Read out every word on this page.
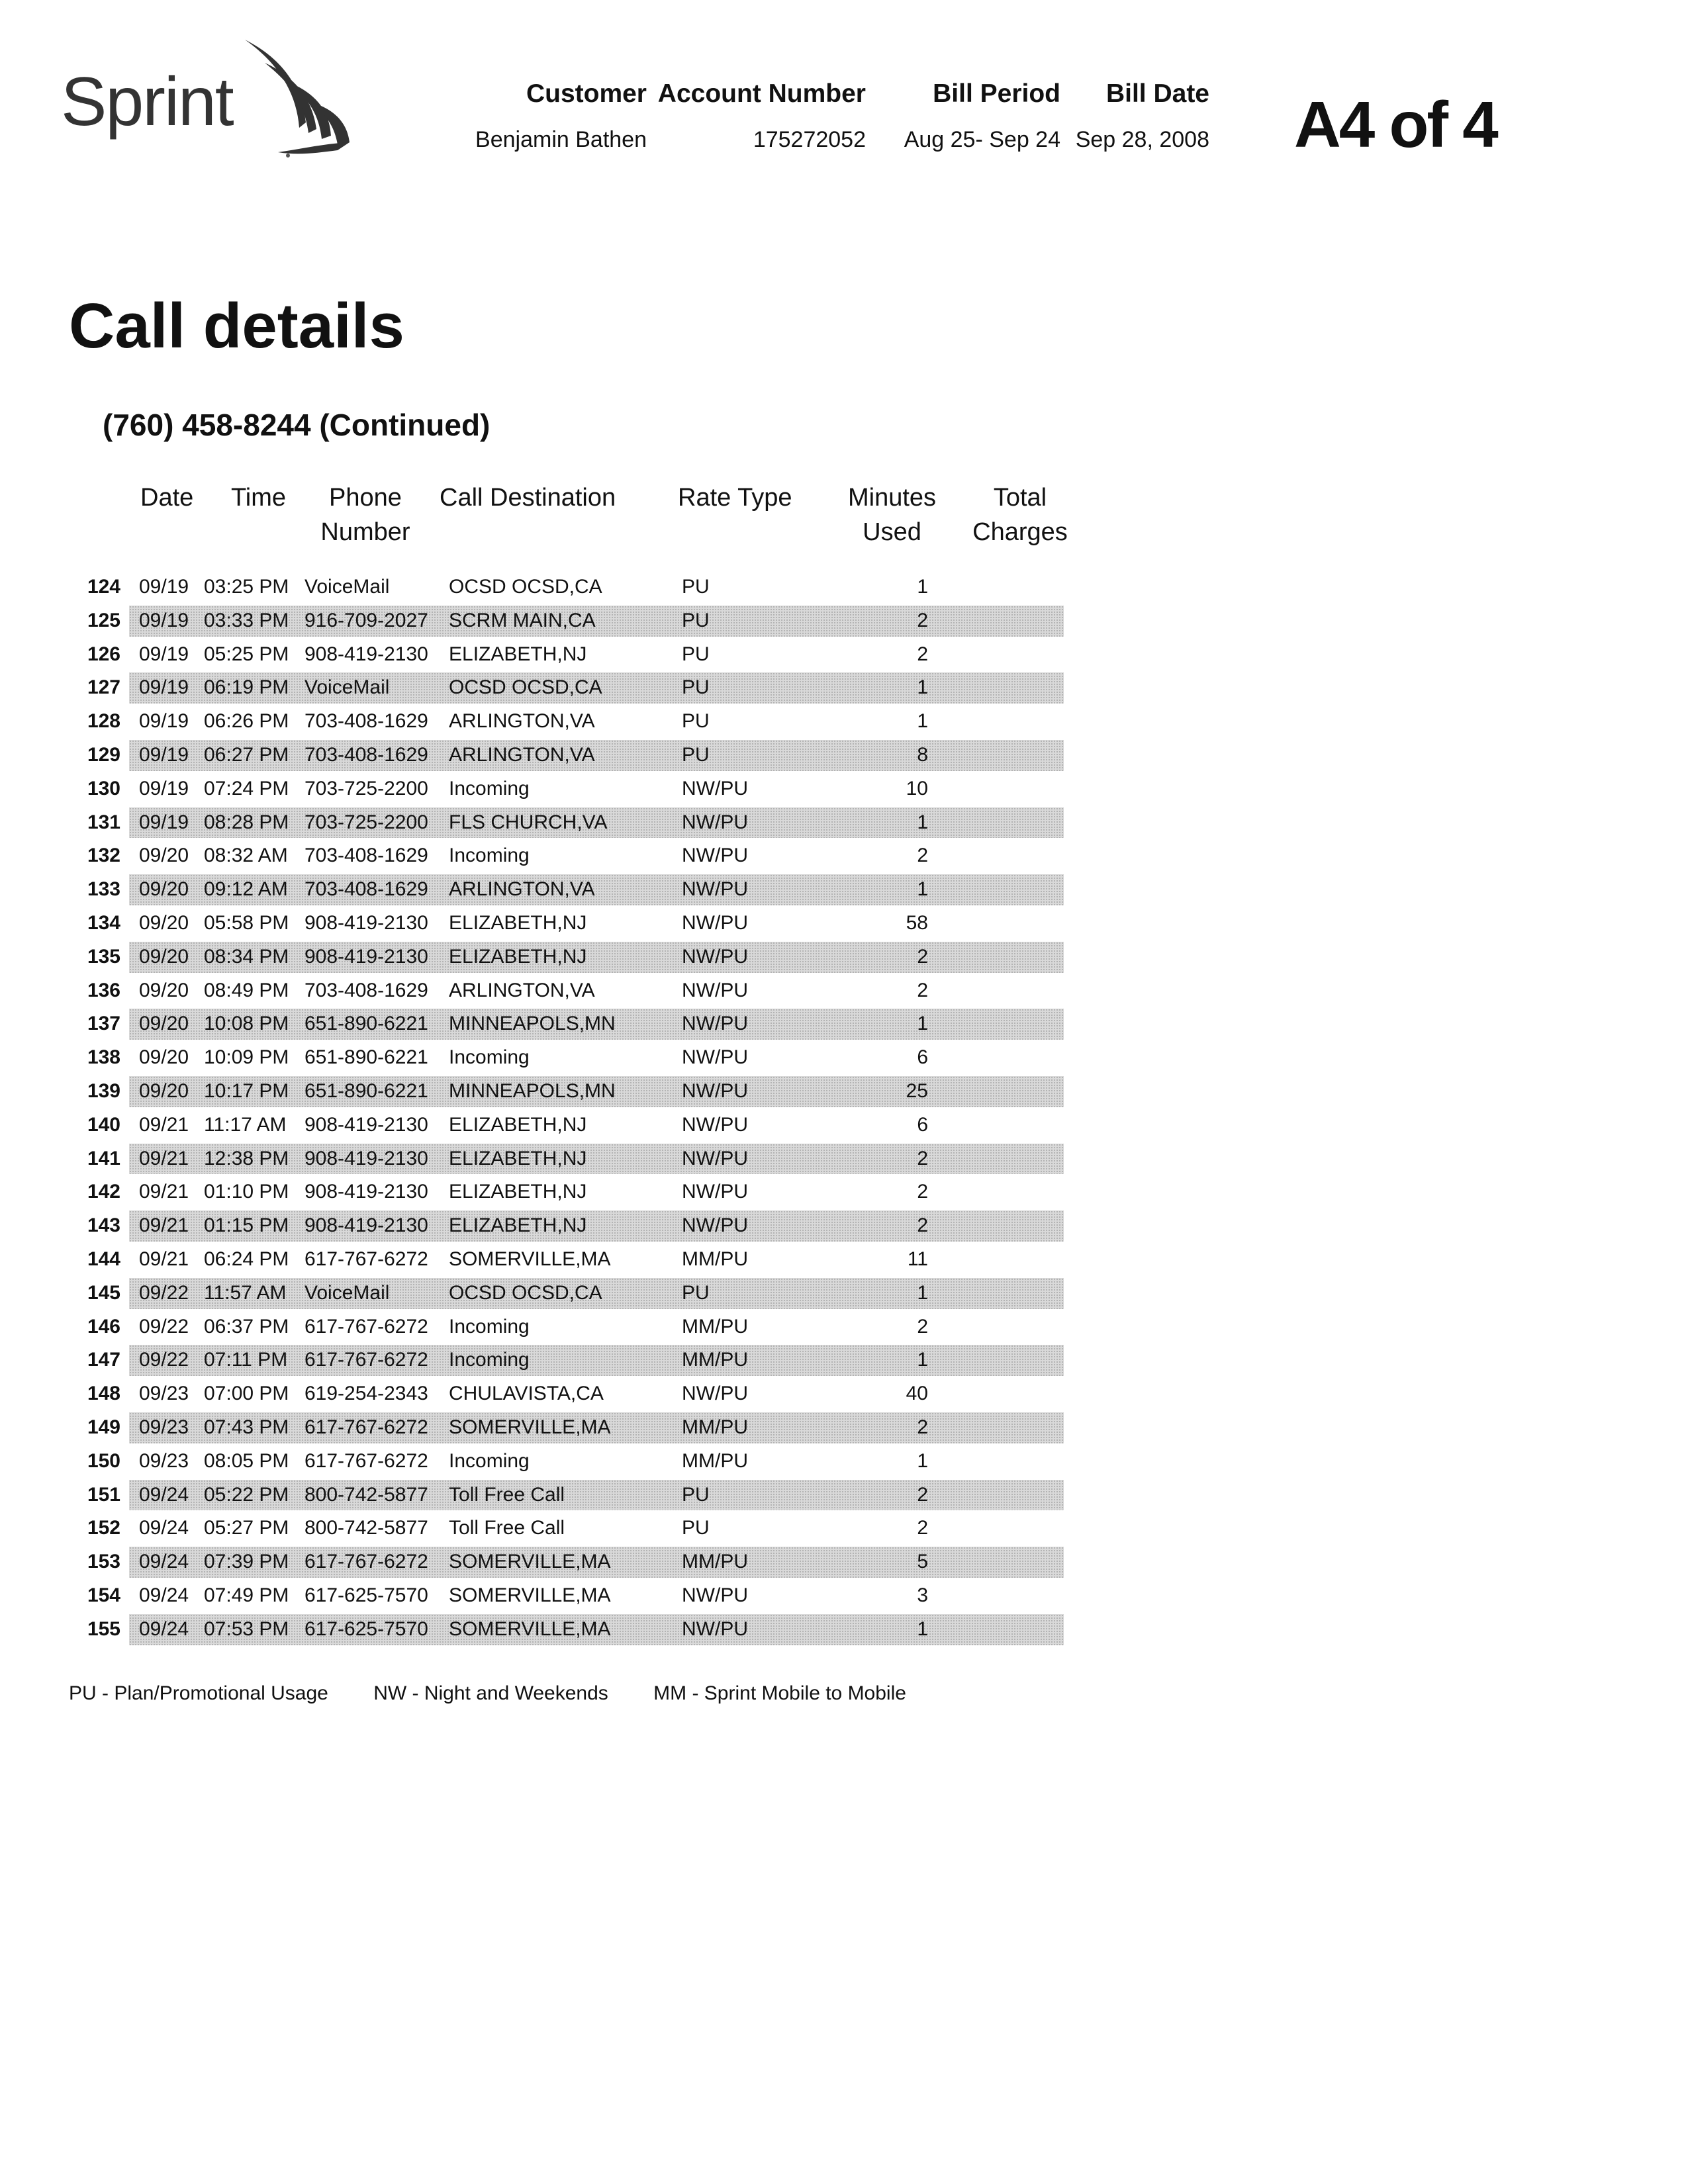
Sprint	Customer
Benjamin Bathen
Account Number
175272052
Bill Period
Aug 25- Sep 24
Bill Date
Sep 28, 2008 A4 of 4
Call details
(760) 458-8244 (Continued)
Date Time	Phone
Number
Call Destination Rate Type	Minutes
Used
Total
Charges
124 09/19 03:25 PM VoiceMail	OCSD OCSD,CA	PU	1
125 09/19 03:33 PM 916-709-2027 SCRM MAIN,CA	PU	2
126 09/19 05:25 PM 908-419-2130 ELIZABETH,NJ	PU	2
127 09/19 06:19 PM VoiceMail	OCSD OCSD,CA	PU	1
128 09/19 06:26 PM 703-408-1629 ARLINGTON,VA	PU	1
129 09/19 06:27 PM 703-408-1629 ARLINGTON,VA	PU	8
130 09/19 07:24 PM 703-725-2200 Incoming	NW/PU	10
131 09/19 08:28 PM 703-725-2200 FLS CHURCH,VA	NW/PU	1
132 09/20 08:32 AM 703-408-1629 Incoming	NW/PU	2
133 09/20 09:12 AM 703-408-1629 ARLINGTON,VA	NW/PU	1
134 09/20 05:58 PM 908-419-2130 ELIZABETH,NJ	NW/PU	58
135 09/20 08:34 PM 908-419-2130 ELIZABETH,NJ	NW/PU	2
136 09/20 08:49 PM 703-408-1629 ARLINGTON,VA	NW/PU	2
137 09/20 10:08 PM 651-890-6221 MINNEAPOLS,MN	NW/PU	1
138 09/20 10:09 PM 651-890-6221 Incoming	NW/PU	6
139 09/20 10:17 PM 651-890-6221 MINNEAPOLS,MN	NW/PU	25
140 09/21 11:17 AM 908-419-2130 ELIZABETH,NJ	NW/PU	6
141 09/21 12:38 PM 908-419-2130 ELIZABETH,NJ	NW/PU	2
142 09/21 01:10 PM 908-419-2130 ELIZABETH,NJ	NW/PU	2
143 09/21 01:15 PM 908-419-2130 ELIZABETH,NJ	NW/PU	2
144 09/21 06:24 PM 617-767-6272 SOMERVILLE,MA	MM/PU	11
145 09/22 11:57 AM VoiceMail	OCSD OCSD,CA	PU	1
146 09/22 06:37 PM 617-767-6272 Incoming	MM/PU	2
147 09/22 07:11 PM 617-767-6272 Incoming	MM/PU	1
148 09/23 07:00 PM 619-254-2343 CHULAVISTA,CA	NW/PU	40
149 09/23 07:43 PM 617-767-6272 SOMERVILLE,MA	MM/PU	2
150 09/23 08:05 PM 617-767-6272 Incoming	MM/PU	1
151 09/24 05:22 PM 800-742-5877 Toll Free Call	PU	2
152 09/24 05:27 PM 800-742-5877 Toll Free Call	PU	2
153 09/24 07:39 PM 617-767-6272 SOMERVILLE,MA	MM/PU	5
154 09/24 07:49 PM 617-625-7570 SOMERVILLE,MA	NW/PU	3
155 09/24 07:53 PM 617-625-7570 SOMERVILLE,MA	NW/PU	1
PU - Plan/Promotional Usage NW - Night and Weekends MM - Sprint Mobile to Mobile
